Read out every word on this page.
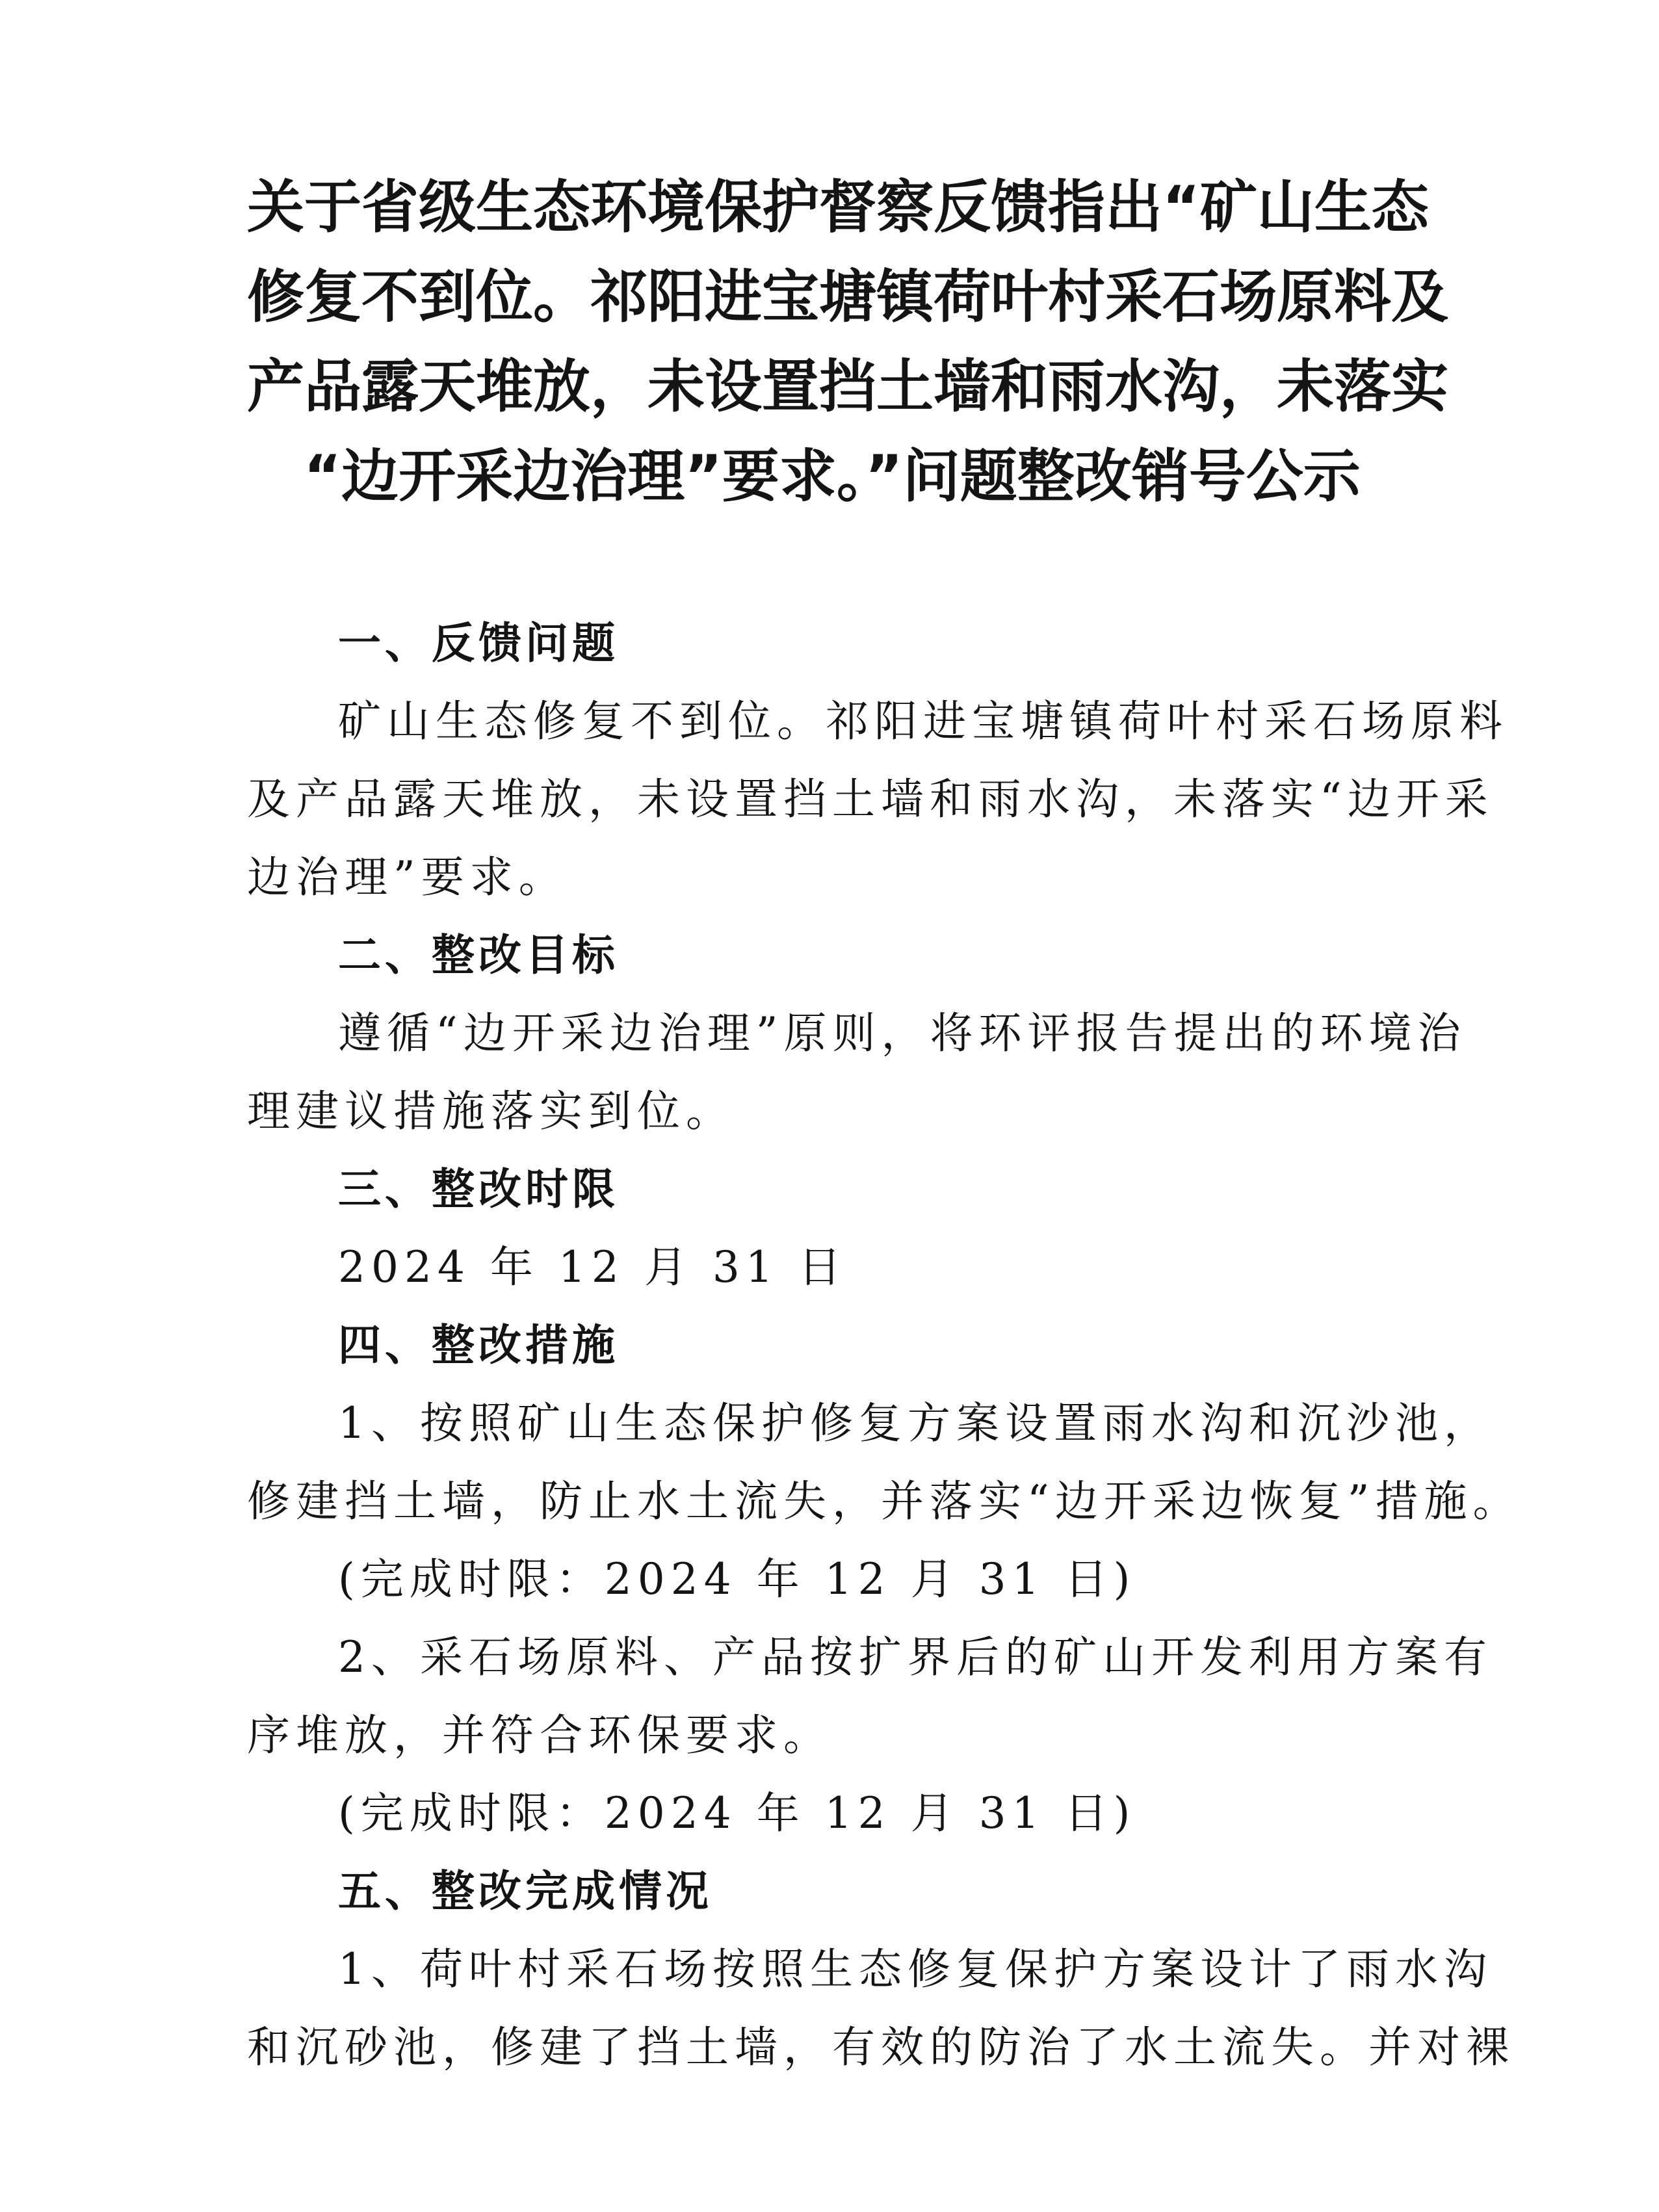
关于省级生态环境保护督察反馈指出“矿山生态
修复不到位。祁阳进宝塘镇荷叶村采石场原料及
产品露天堆放，未设置挡土墙和雨水沟，未落实
“边开采边治理”要求。”问题整改销号公示
一、反馈问题
矿山生态修复不到位。祁阳进宝塘镇荷叶村采石场原料
及产品露天堆放，未设置挡土墙和雨水沟，未落实“边开采
边治理”要求。
二、整改目标
遵循“边开采边治理”原则，将环评报告提出的环境治
理建议措施落实到位。
三、整改时限
2024 年 12 月 31 日
四、整改措施
1、按照矿山生态保护修复方案设置雨水沟和沉沙池，
修建挡土墙，防止水土流失，并落实“边开采边恢复”措施。
(完成时限：2024 年 12 月 31 日)
2、采石场原料、产品按扩界后的矿山开发利用方案有
序堆放，并符合环保要求。
(完成时限：2024 年 12 月 31 日)
五、整改完成情况
1、荷叶村采石场按照生态修复保护方案设计了雨水沟
和沉砂池，修建了挡土墙，有效的防治了水土流失。并对裸
